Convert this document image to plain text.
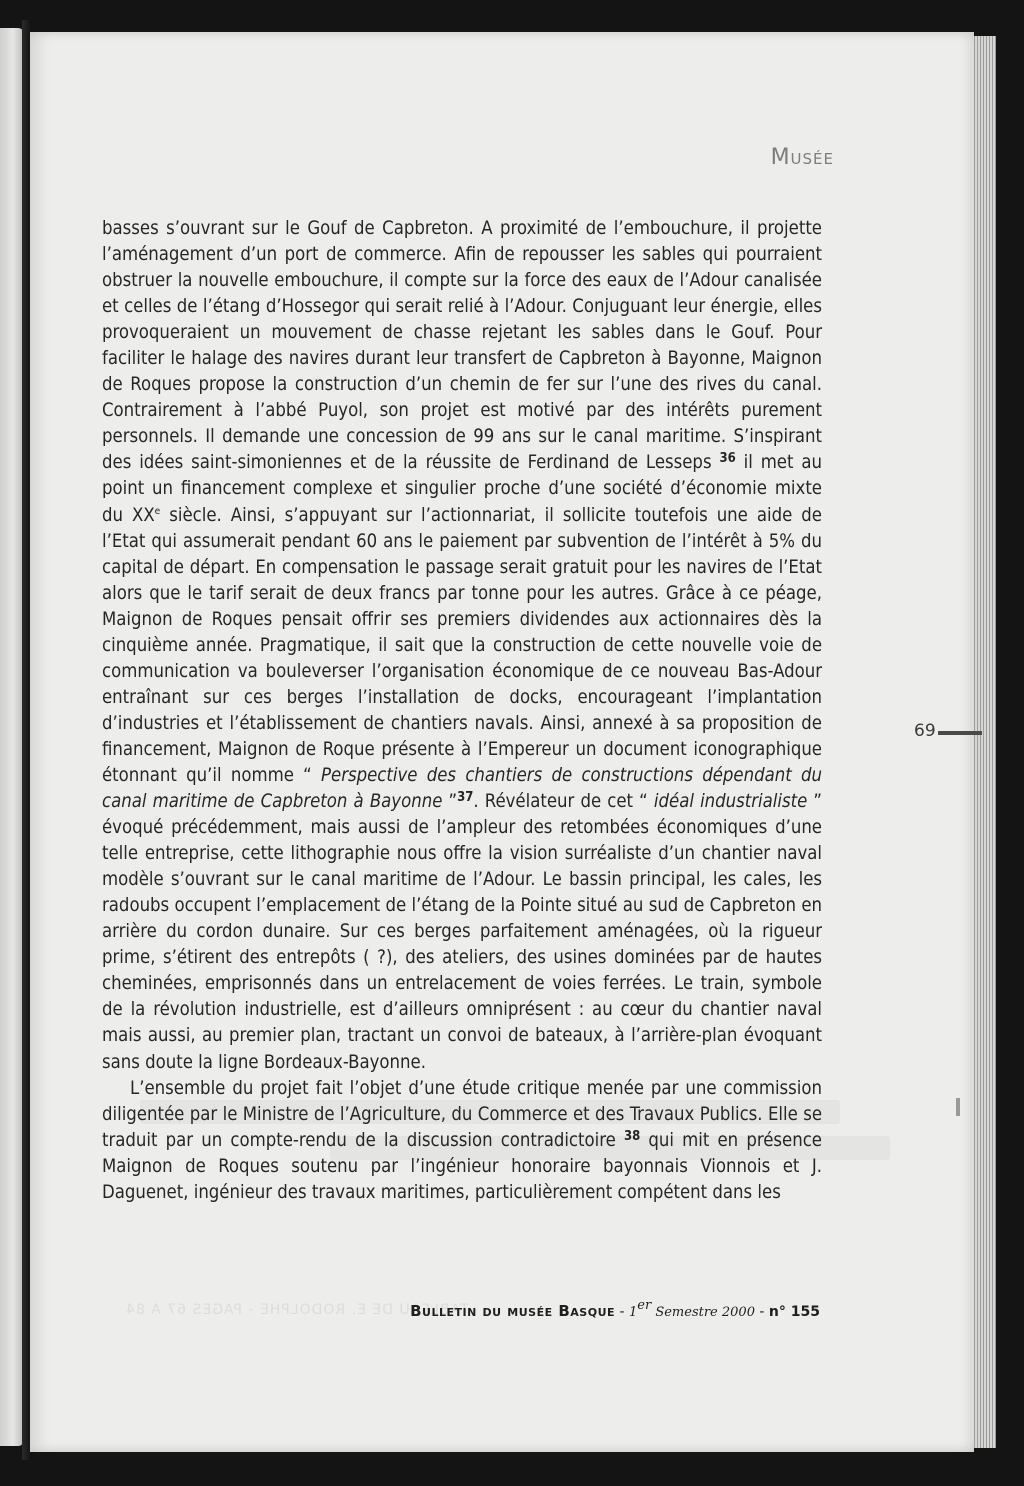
Musée

basses s’ouvrant sur le Gouf de Capbreton. A proximité de l’embouchure, il projette l’aménagement d’un port de commerce. Afin de repousser les sables qui pourraient obstruer la nouvelle embouchure, il compte sur la force des eaux de l’Adour canalisée et celles de l’étang d’Hossegor qui serait relié à l’Adour. Conjuguant leur énergie, elles provoqueraient un mouvement de chasse rejetant les sables dans le Gouf. Pour faciliter le halage des navires durant leur transfert de Capbreton à Bayonne, Maignon de Roques propose la construction d’un chemin de fer sur l’une des rives du canal. Contrairement à l’abbé Puyol, son projet est motivé par des intérêts purement personnels. Il demande une concession de 99 ans sur le canal maritime. S’inspirant des idées saint-simoniennes et de la réussite de Ferdinand de Lesseps $^{36}$ il met au point un financement complexe et singulier proche d’une société d’économie mixte du XXe siècle. Ainsi, s’appuyant sur l’actionnariat, il sollicite toutefois une aide de l’Etat qui assumerait pendant 60 ans le paiement par subvention de l’intérêt à 5% du capital de départ. En compensation le passage serait gratuit pour les navires de l’Etat alors que le tarif serait de deux francs par tonne pour les autres. Grâce à ce péage, Maignon de Roques pensait offrir ses premiers dividendes aux actionnaires dès la cinquième année. Pragmatique, il sait que la construction de cette nouvelle voie de communication va bouleverser l’organisation économique de ce nouveau Bas-Adour entraînant sur ces berges l’installation de docks, encourageant l’implantation d’industries et l’établissement de chantiers navals. Ainsi, annexé à sa proposition de financement, Maignon de Roque présente à l’Empereur un document iconographique étonnant qu’il nomme “ Perspective des chantiers de constructions dépendant du canal maritime de Capbreton à Bayonne ”$^{37}$. Révélateur de cet “ idéal industrialiste ” évoqué précédemment, mais aussi de l’ampleur des retombées économiques d’une telle entreprise, cette lithographie nous offre la vision surréaliste d’un chantier naval modèle s’ouvrant sur le canal maritime de l’Adour. Le bassin principal, les cales, les radoubs occupent l’emplacement de l’étang de la Pointe situé au sud de Capbreton en arrière du cordon dunaire. Sur ces berges parfaitement aménagées, où la rigueur prime, s’étirent des entrepôts ( ?), des ateliers, des usines dominées par de hautes cheminées, emprisonnés dans un entrelacement de voies ferrées. Le train, symbole de la révolution industrielle, est d’ailleurs omniprésent : au cœur du chantier naval mais aussi, au premier plan, tractant un convoi de bateaux, à l’arrière-plan évoquant sans doute la ligne Bordeaux-Bayonne.

L’ensemble du projet fait l’objet d’une étude critique menée par une commission diligentée par le Ministre de l’Agriculture, du Commerce et des Travaux Publics. Elle se traduit par un compte-rendu de la discussion contradictoire $^{38}$ qui mit en présence Maignon de Roques soutenu par l’ingénieur honoraire bayonnais Vionnois et J. Daguenet, ingénieur des travaux maritimes, particulièrement compétent dans les

TABLEAU DE E. RODOLPHE - PAGES 67 A 84
Bulletin du musée Basque - 1er Semestre 2000 - n° 155
69
